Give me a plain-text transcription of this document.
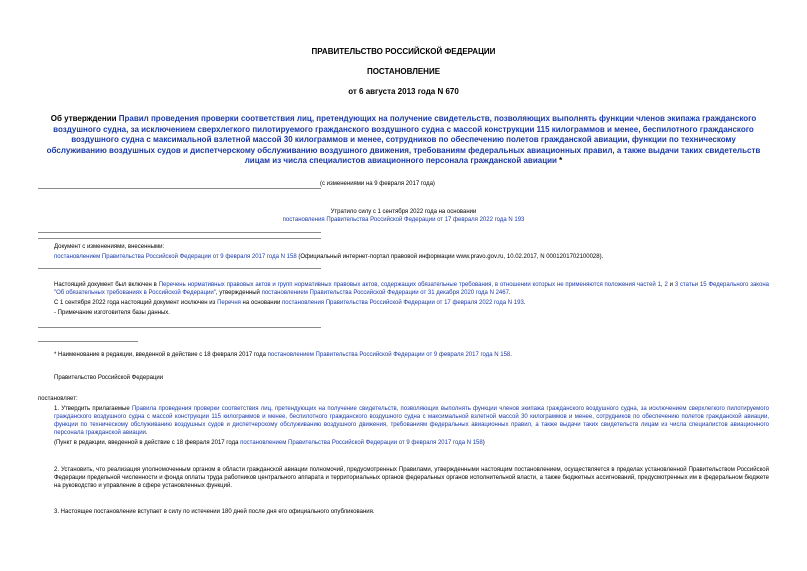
ПРАВИТЕЛЬСТВО РОССИЙСКОЙ ФЕДЕРАЦИИ
ПОСТАНОВЛЕНИЕ
от 6 августа 2013 года N 670
Об утверждении Правил проведения проверки соответствия лиц, претендующих на получение свидетельств, позволяющих выполнять функции членов экипажа гражданского воздушного судна, за исключением сверхлегкого пилотируемого гражданского воздушного судна с массой конструкции 115 килограммов и менее, беспилотного гражданского воздушного судна с максимальной взлетной массой 30 килограммов и менее, сотрудников по обеспечению полетов гражданской авиации, функции по техническому обслуживанию воздушных судов и диспетчерскому обслуживанию воздушного движения, требованиям федеральных авиационных правил, а также выдачи таких свидетельств лицам из числа специалистов авиационного персонала гражданской авиации *
(с изменениями на 9 февраля 2017 года)
Утратило силу с 1 сентября 2022 года на основании
постановления Правительства Российской Федерации от 17 февраля 2022 года N 193
Документ с изменениями, внесенными:
постановлением Правительства Российской Федерации от 9 февраля 2017 года N 158 (Официальный интернет-портал правовой информации www.pravo.gov.ru, 10.02.2017, N 0001201702100028).
Настоящий документ был включен в Перечень нормативных правовых актов и групп нормативных правовых актов, содержащих обязательные требования, в отношении которых не применяются положения частей 1, 2 и 3 статьи 15 Федерального закона "Об обязательных требованиях в Российской Федерации", утвержденный постановлением Правительства Российской Федерации от 31 декабря 2020 года N 2467.
С 1 сентября 2022 года настоящий документ исключен из Перечня на основании постановления Правительства Российской Федерации от 17 февраля 2022 года N 193.
- Примечание изготовителя базы данных.
* Наименование в редакции, введенной в действие с 18 февраля 2017 года постановлением Правительства Российской Федерации от 9 февраля 2017 года N 158.
Правительство Российской Федерации
постановляет:
1. Утвердить прилагаемые Правила проведения проверки соответствия лиц, претендующих на получение свидетельств, позволяющих выполнять функции членов экипажа гражданского воздушного судна, за исключением сверхлегкого пилотируемого гражданского воздушного судна с массой конструкции 115 килограммов и менее, беспилотного гражданского воздушного судна с максимальной взлетной массой 30 килограммов и менее, сотрудников по обеспечению полетов гражданской авиации, функции по техническому обслуживанию воздушных судов и диспетчерскому обслуживанию воздушного движения, требованиям федеральных авиационных правил, а также выдачи таких свидетельств лицам из числа специалистов авиационного персонала гражданской авиации.
(Пункт в редакции, введенной в действие с 18 февраля 2017 года постановлением Правительства Российской Федерации от 9 февраля 2017 года N 158)
2. Установить, что реализация уполномоченным органом в области гражданской авиации полномочий, предусмотренных Правилами, утвержденными настоящим постановлением, осуществляется в пределах установленной Правительством Российской Федерации предельной численности и фонда оплаты труда работников центрального аппарата и территориальных органов федеральных органов исполнительной власти, а также бюджетных ассигнований, предусмотренных им в федеральном бюджете на руководство и управление в сфере установленных функций.
3. Настоящее постановление вступает в силу по истечении 180 дней после дня его официального опубликования.
